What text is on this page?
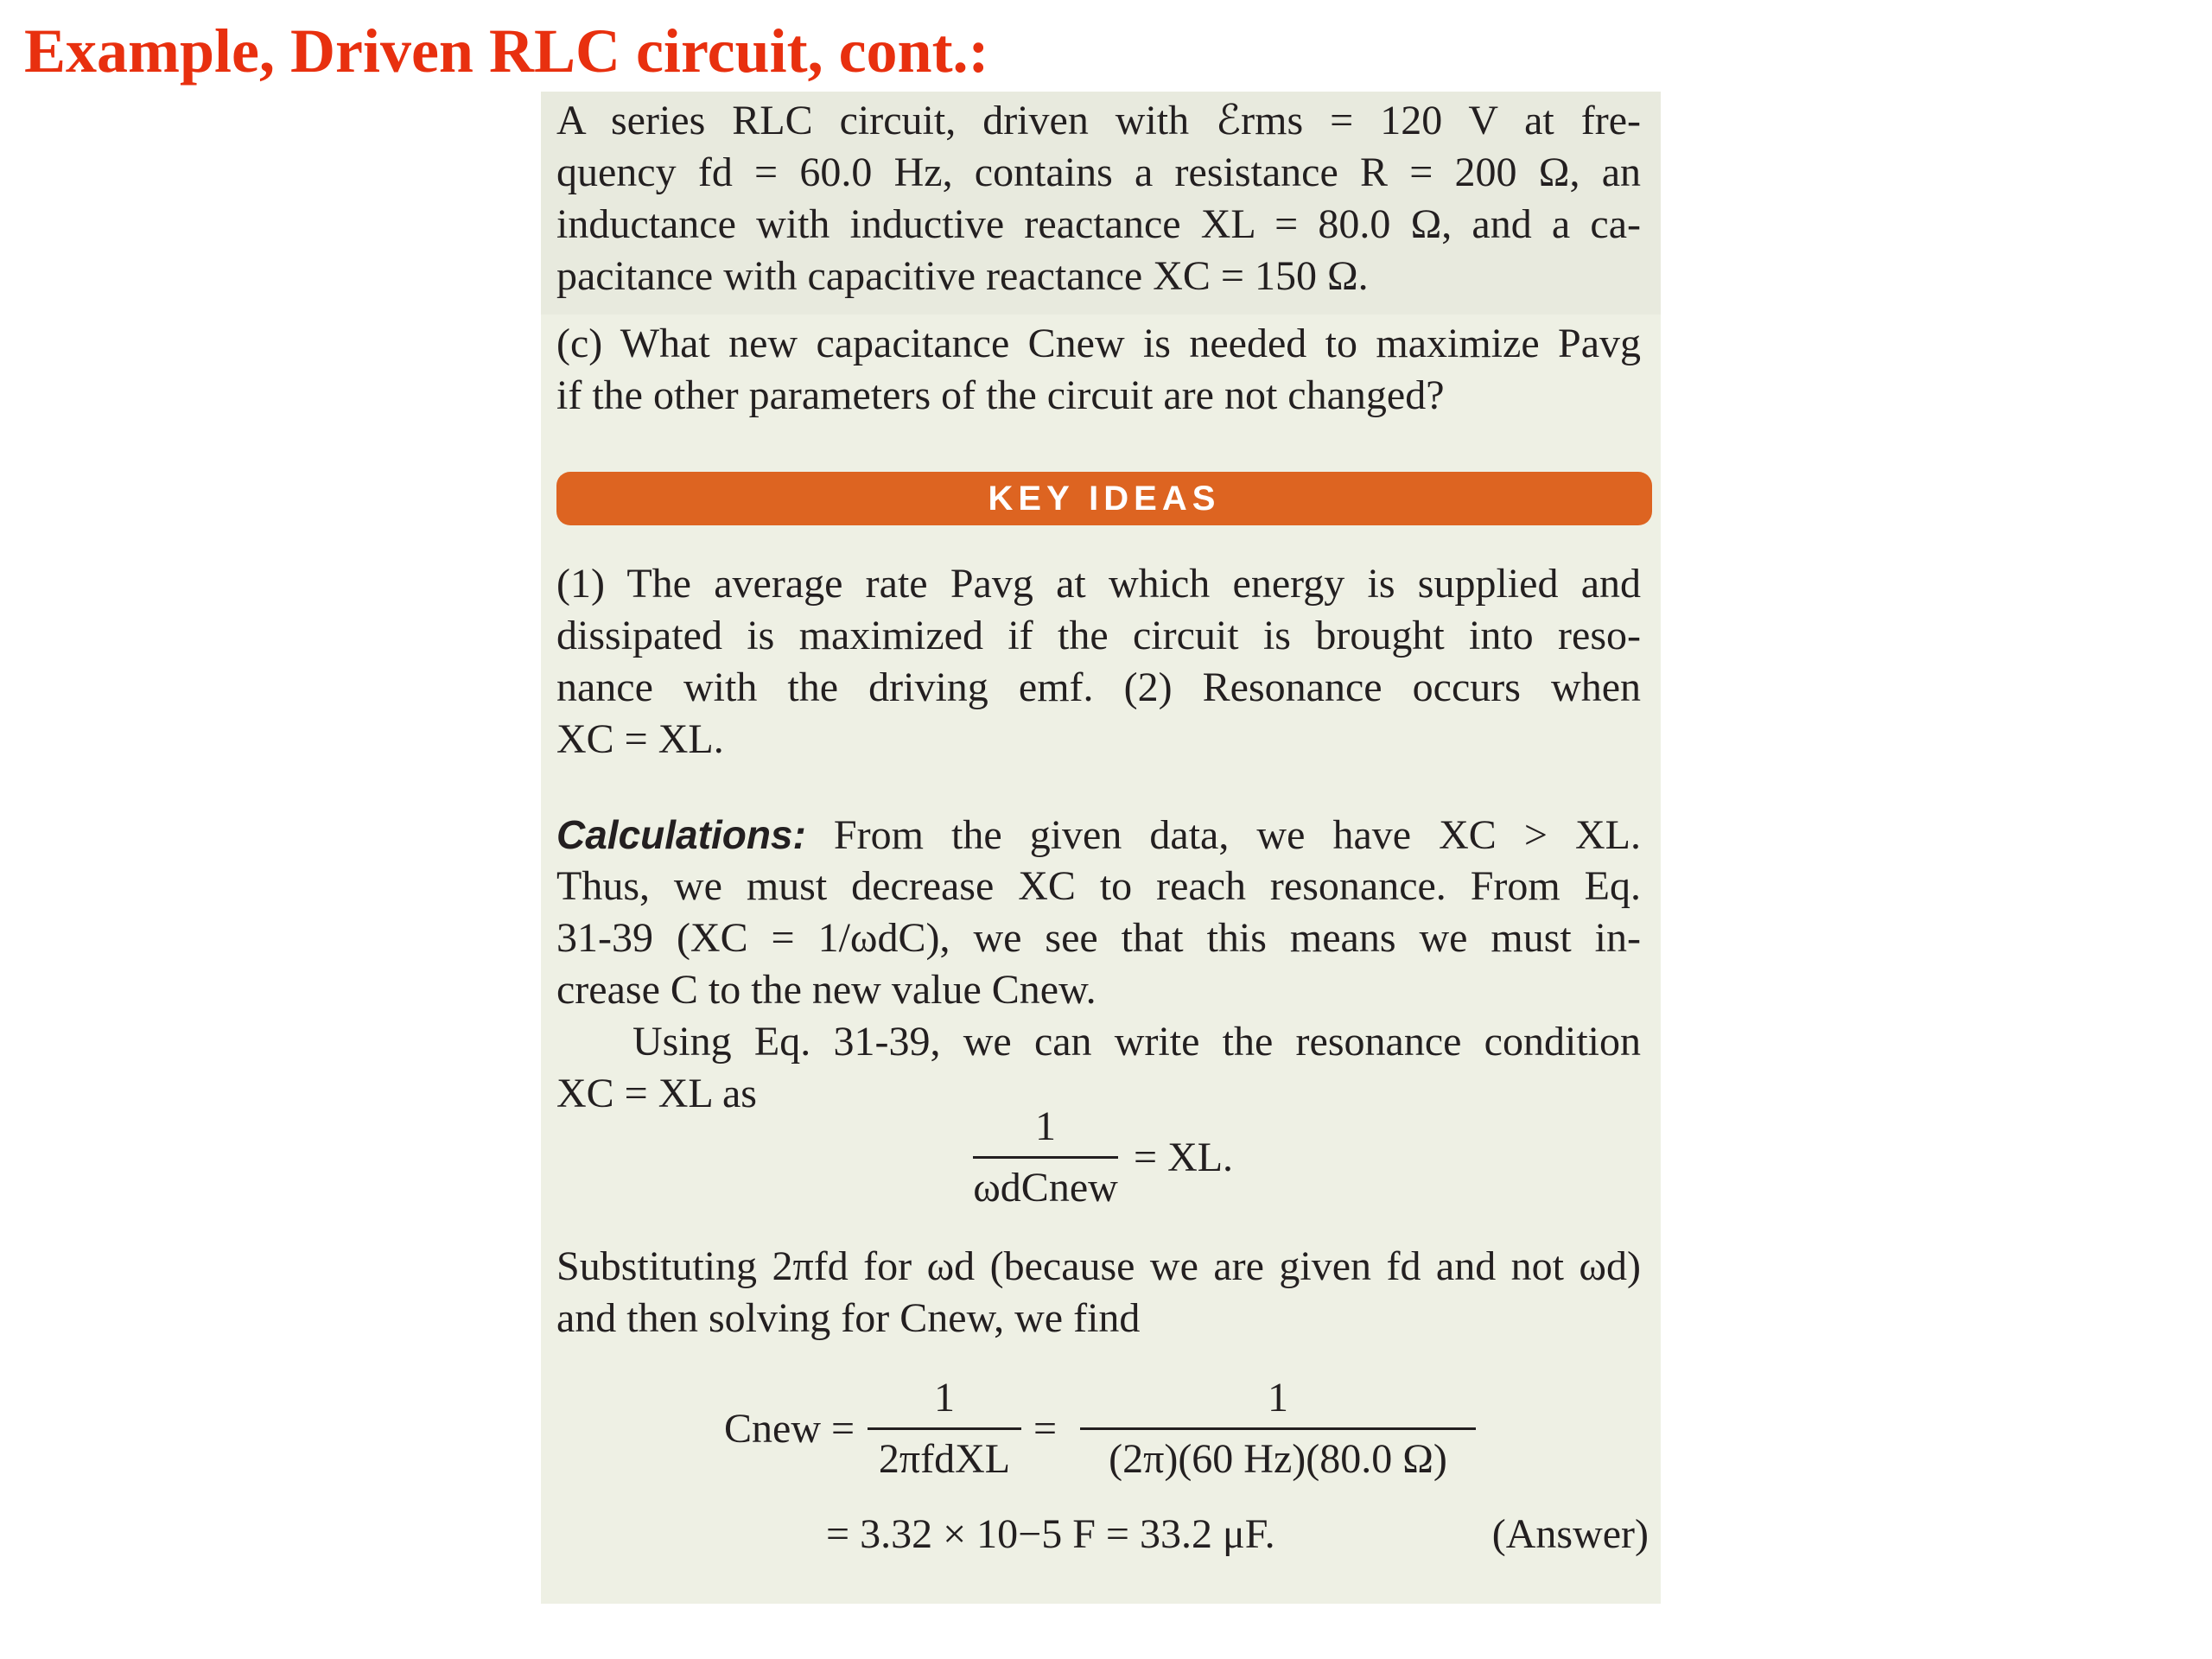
Example, Driven RLC circuit, cont.:
A series RLC circuit, driven with ℰrms = 120 V at fre-
quency fd = 60.0 Hz, contains a resistance R = 200 Ω, an
inductance with inductive reactance XL = 80.0 Ω, and a ca-
pacitance with capacitive reactance XC = 150 Ω.
(c) What new capacitance Cnew is needed to maximize Pavg
if the other parameters of the circuit are not changed?
KEY IDEAS
(1) The average rate Pavg at which energy is supplied and
dissipated is maximized if the circuit is brought into reso-
nance with the driving emf. (2) Resonance occurs when
XC = XL.
Calculations: From the given data, we have XC > XL.
Thus, we must decrease XC to reach resonance. From Eq.
31-39 (XC = 1/ωdC), we see that this means we must in-
crease C to the new value Cnew.
Using Eq. 31-39, we can write the resonance condition
XC = XL as
1
ωdCnew
= XL.
Substituting 2πfd for ωd (because we are given fd and not ωd)
and then solving for Cnew, we find
Cnew =
1
2πfdXL
=
1
(2π)(60 Hz)(80.0 Ω)
= 3.32 × 10−5 F = 33.2 μF.	(Answer)
